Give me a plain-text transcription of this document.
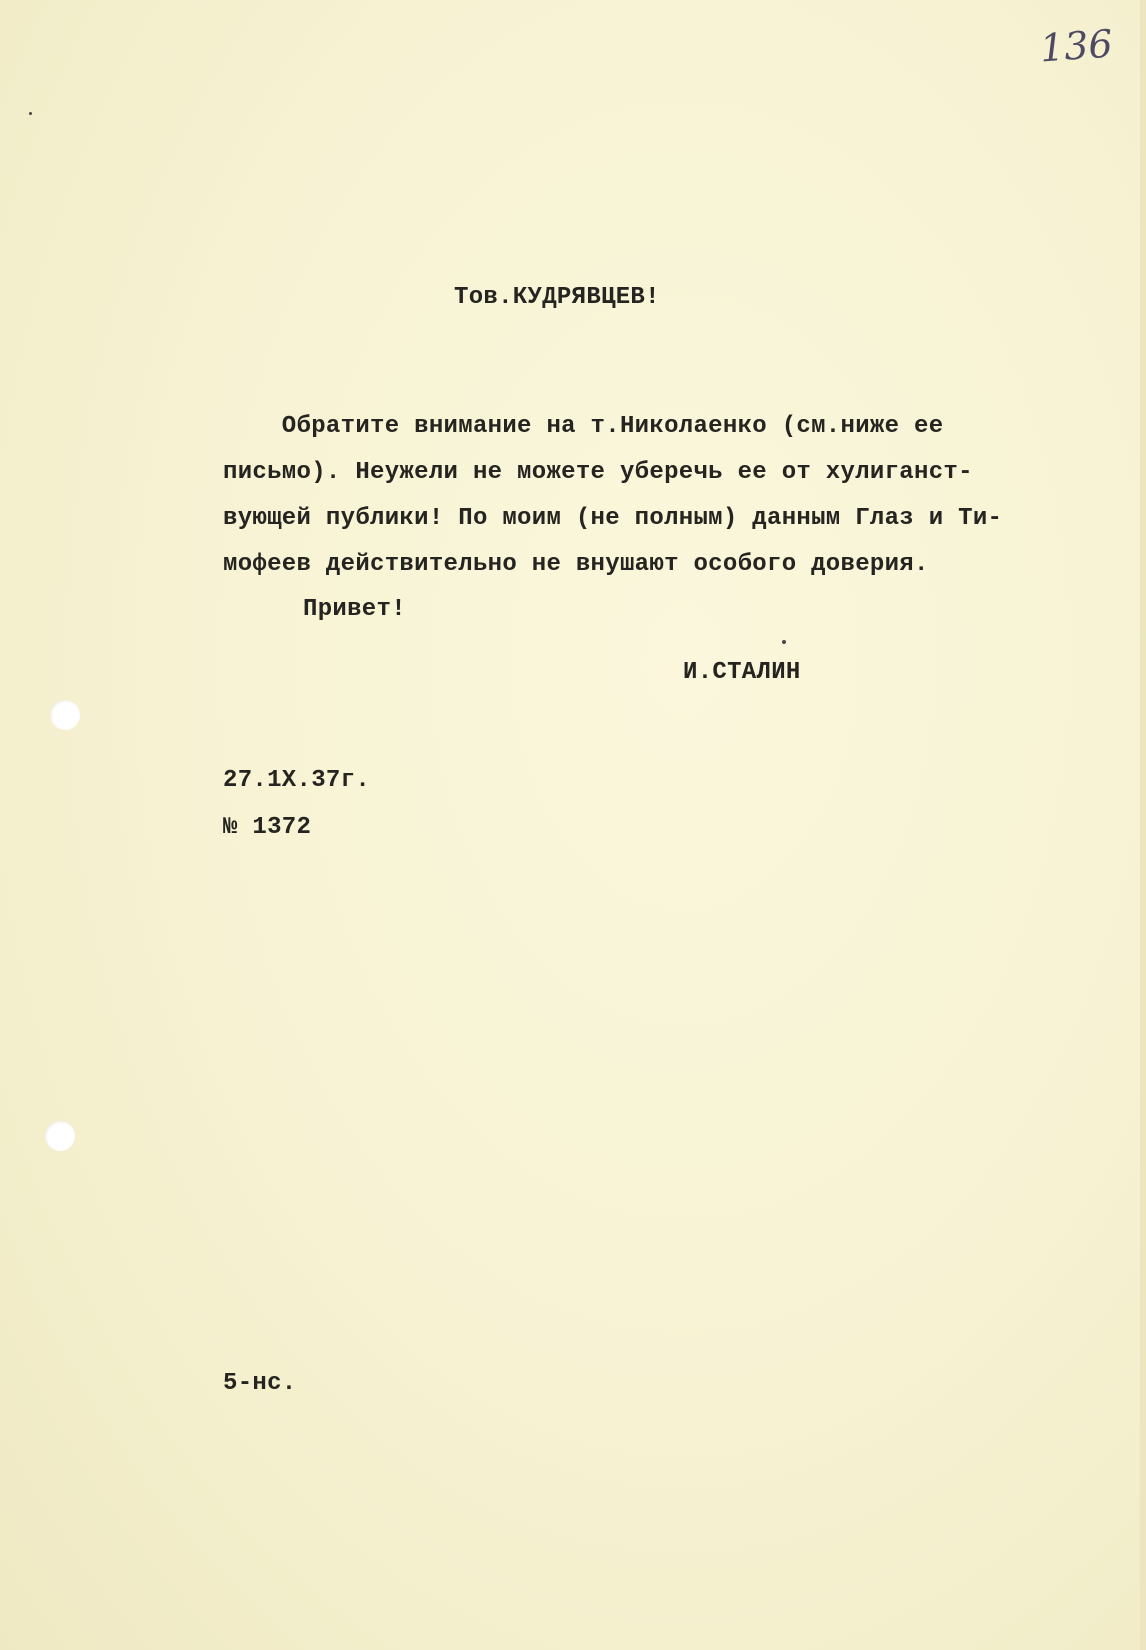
136
Тов.КУДРЯВЦЕВ!
Обратите внимание на т.Николаенко (см.ниже ее
письмо). Неужели не можете уберечь ее от хулиганст-
вующей публики! По моим (не полным) данным Глаз и Ти-
мофеев действительно не внушают особого доверия.
Привет!
И.СТАЛИН
27.1X.37г.
№ 1372
5-нс.
